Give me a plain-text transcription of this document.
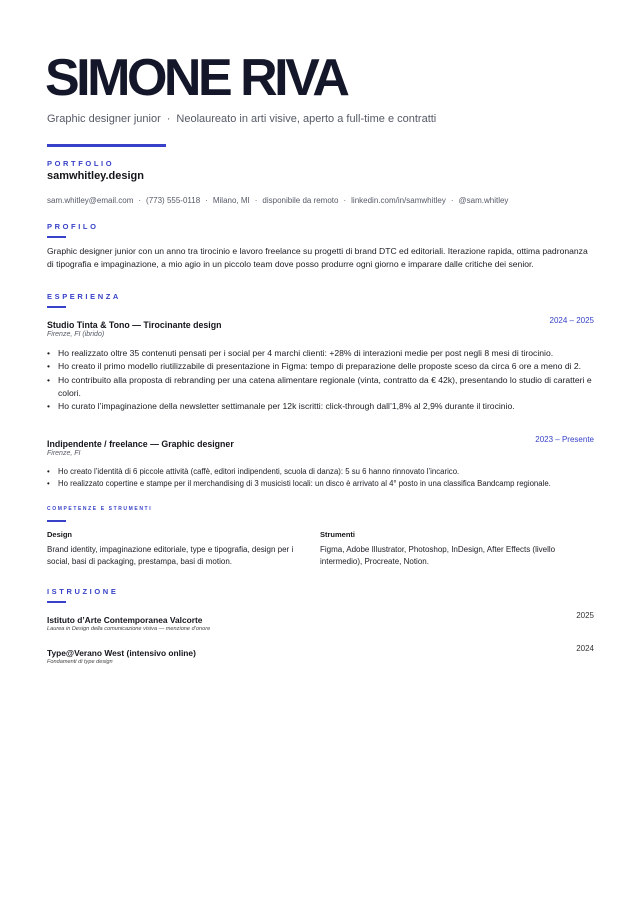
SIMONE RIVA
Graphic designer junior · Neolaureato in arti visive, aperto a full-time e contratti
PORTFOLIO
samwhitley.design
sam.whitley@email.com · (773) 555-0118 · Milano, MI · disponibile da remoto · linkedin.com/in/samwhitley · @sam.whitley
PROFILO
Graphic designer junior con un anno tra tirocinio e lavoro freelance su progetti di brand DTC ed editoriali. Iterazione rapida, ottima padronanza di tipografia e impaginazione, a mio agio in un piccolo team dove posso produrre ogni giorno e imparare dalle critiche dei senior.
ESPERIENZA
Studio Tinta & Tono — Tirocinante design	2024 – 2025
Firenze, FI (ibrido)
• Ho realizzato oltre 35 contenuti pensati per i social per 4 marchi clienti: +28% di interazioni medie per post negli 8 mesi di tirocinio.
• Ho creato il primo modello riutilizzabile di presentazione in Figma: tempo di preparazione delle proposte sceso da circa 6 ore a meno di 2.
• Ho contribuito alla proposta di rebranding per una catena alimentare regionale (vinta, contratto da € 42k), presentando lo studio di caratteri e colori.
• Ho curato l’impaginazione della newsletter settimanale per 12k iscritti: click-through dall’1,8% al 2,9% durante il tirocinio.
Indipendente / freelance — Graphic designer	2023 – Presente
Firenze, FI
• Ho creato l’identità di 6 piccole attività (caffè, editori indipendenti, scuola di danza): 5 su 6 hanno rinnovato l’incarico.
• Ho realizzato copertine e stampe per il merchandising di 3 musicisti locali: un disco è arrivato al 4° posto in una classifica Bandcamp regionale.
COMPETENZE E STRUMENTI
Design
Brand identity, impaginazione editoriale, type e tipografia, design per i social, basi di packaging, prestampa, basi di motion.
Strumenti
Figma, Adobe Illustrator, Photoshop, InDesign, After Effects (livello intermedio), Procreate, Notion.
ISTRUZIONE
Istituto d’Arte Contemporanea Valcorte	2025
Laurea in Design della comunicazione visiva — menzione d’onore
Type@Verano West (intensivo online)	2024
Fondamenti di type design
